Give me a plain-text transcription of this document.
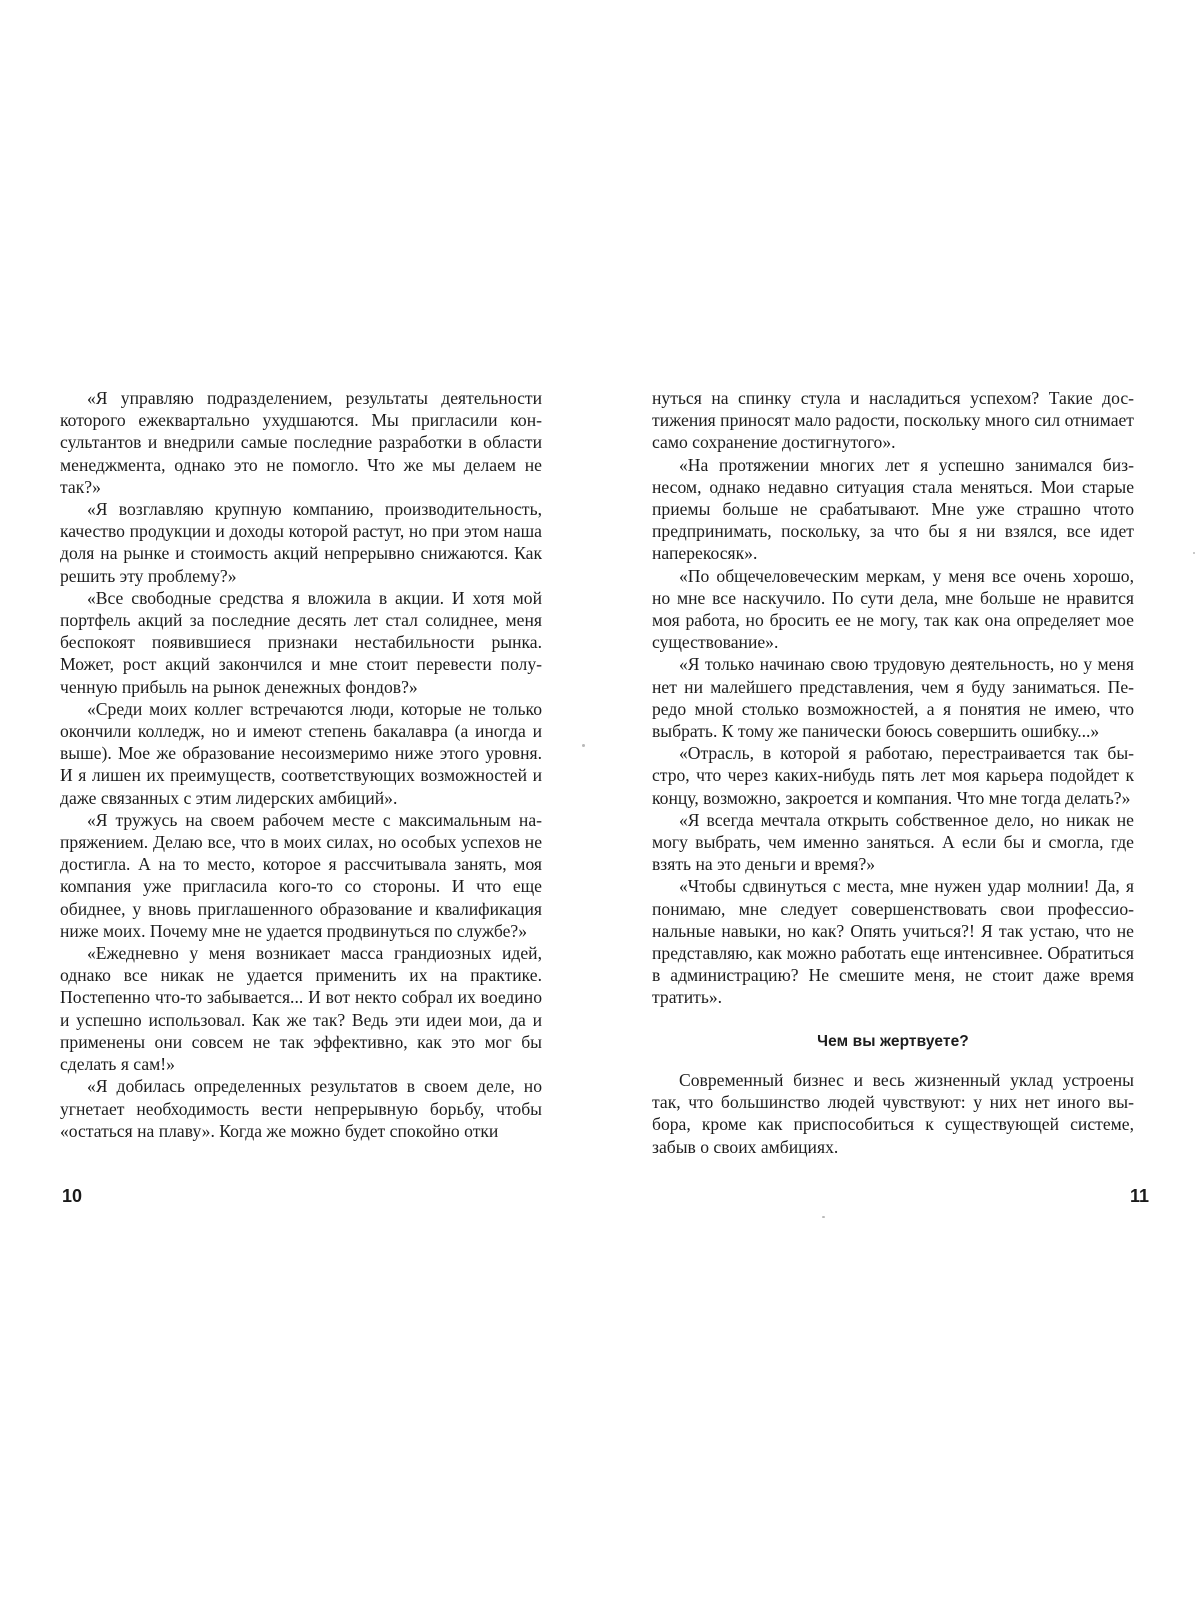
«Я управляю подразделением, результаты деятельности которого ежеквартально ухудшаются. Мы пригласили консультантов и внедрили самые последние разработки в области менеджмента, однако это не помогло. Что же мы делаем не так?»

«Я возглавляю крупную компанию, производительность, качество продукции и доходы которой растут, но при этом наша доля на рынке и стоимость акций непрерывно снижаются. Как решить эту проблему?»

«Все свободные средства я вложила в акции. И хотя мой портфель акций за последние десять лет стал солиднее, меня беспокоят появившиеся признаки нестабильности рынка. Может, рост акций закончился и мне стоит перевести полученную прибыль на рынок денежных фондов?»

«Среди моих коллег встречаются люди, которые не только окончили колледж, но и имеют степень бакалавра (а иногда и выше). Мое же образование несоизмеримо ниже этого уровня. И я лишен их преимуществ, соответствующих возможностей и даже связанных с этим лидерских амбиций».

«Я тружусь на своем рабочем месте с максимальным напряжением. Делаю все, что в моих силах, но особых успехов не достигла. А на то место, которое я рассчитывала занять, моя компания уже пригласила кого-то со стороны. И что еще обиднее, у вновь приглашенного образование и квалификация ниже моих. Почему мне не удается продвинуться по службе?»

«Ежедневно у меня возникает масса грандиозных идей, однако все никак не удается применить их на практике. Постепенно что-то забывается... И вот некто собрал их воедино и успешно использовал. Как же так? Ведь эти идеи мои, да и применены они совсем не так эффективно, как это мог бы сделать я сам!»

«Я добилась определенных результатов в своем деле, но угнетает необходимость вести непрерывную борьбу, чтобы «остаться на плаву». Когда же можно будет спокойно отки

10

нуться на спинку стула и насладиться успехом? Такие достижения приносят мало радости, поскольку много сил отнимает само сохранение достигнутого».

«На протяжении многих лет я успешно занимался бизнесом, однако недавно ситуация стала меняться. Мои старые приемы больше не срабатывают. Мне уже страшно чтото предпринимать, поскольку, за что бы я ни взялся, все идет наперекосяк».

«По общечеловеческим меркам, у меня все очень хорошо, но мне все наскучило. По сути дела, мне больше не нравится моя работа, но бросить ее не могу, так как она определяет мое существование».

«Я только начинаю свою трудовую деятельность, но у меня нет ни малейшего представления, чем я буду заниматься. Передо мной столько возможностей, а я понятия не имею, что выбрать. К тому же панически боюсь совершить ошибку...»

«Отрасль, в которой я работаю, перестраивается так быстро, что через каких-нибудь пять лет моя карьера подойдет к концу, возможно, закроется и компания. Что мне тогда делать?»

«Я всегда мечтала открыть собственное дело, но никак не могу выбрать, чем именно заняться. А если бы и смогла, где взять на это деньги и время?»

«Чтобы сдвинуться с места, мне нужен удар молнии! Да, я понимаю, мне следует совершенствовать свои профессиональные навыки, но как? Опять учиться?! Я так устаю, что не представляю, как можно работать еще интенсивнее. Обратиться в администрацию? Не смешите меня, не стоит даже время тратить».

Чем вы жертвуете?

Современный бизнес и весь жизненный уклад устроены так, что большинство людей чувствуют: у них нет иного выбора, кроме как приспособиться к существующей системе, забыв о своих амбициях.

11
